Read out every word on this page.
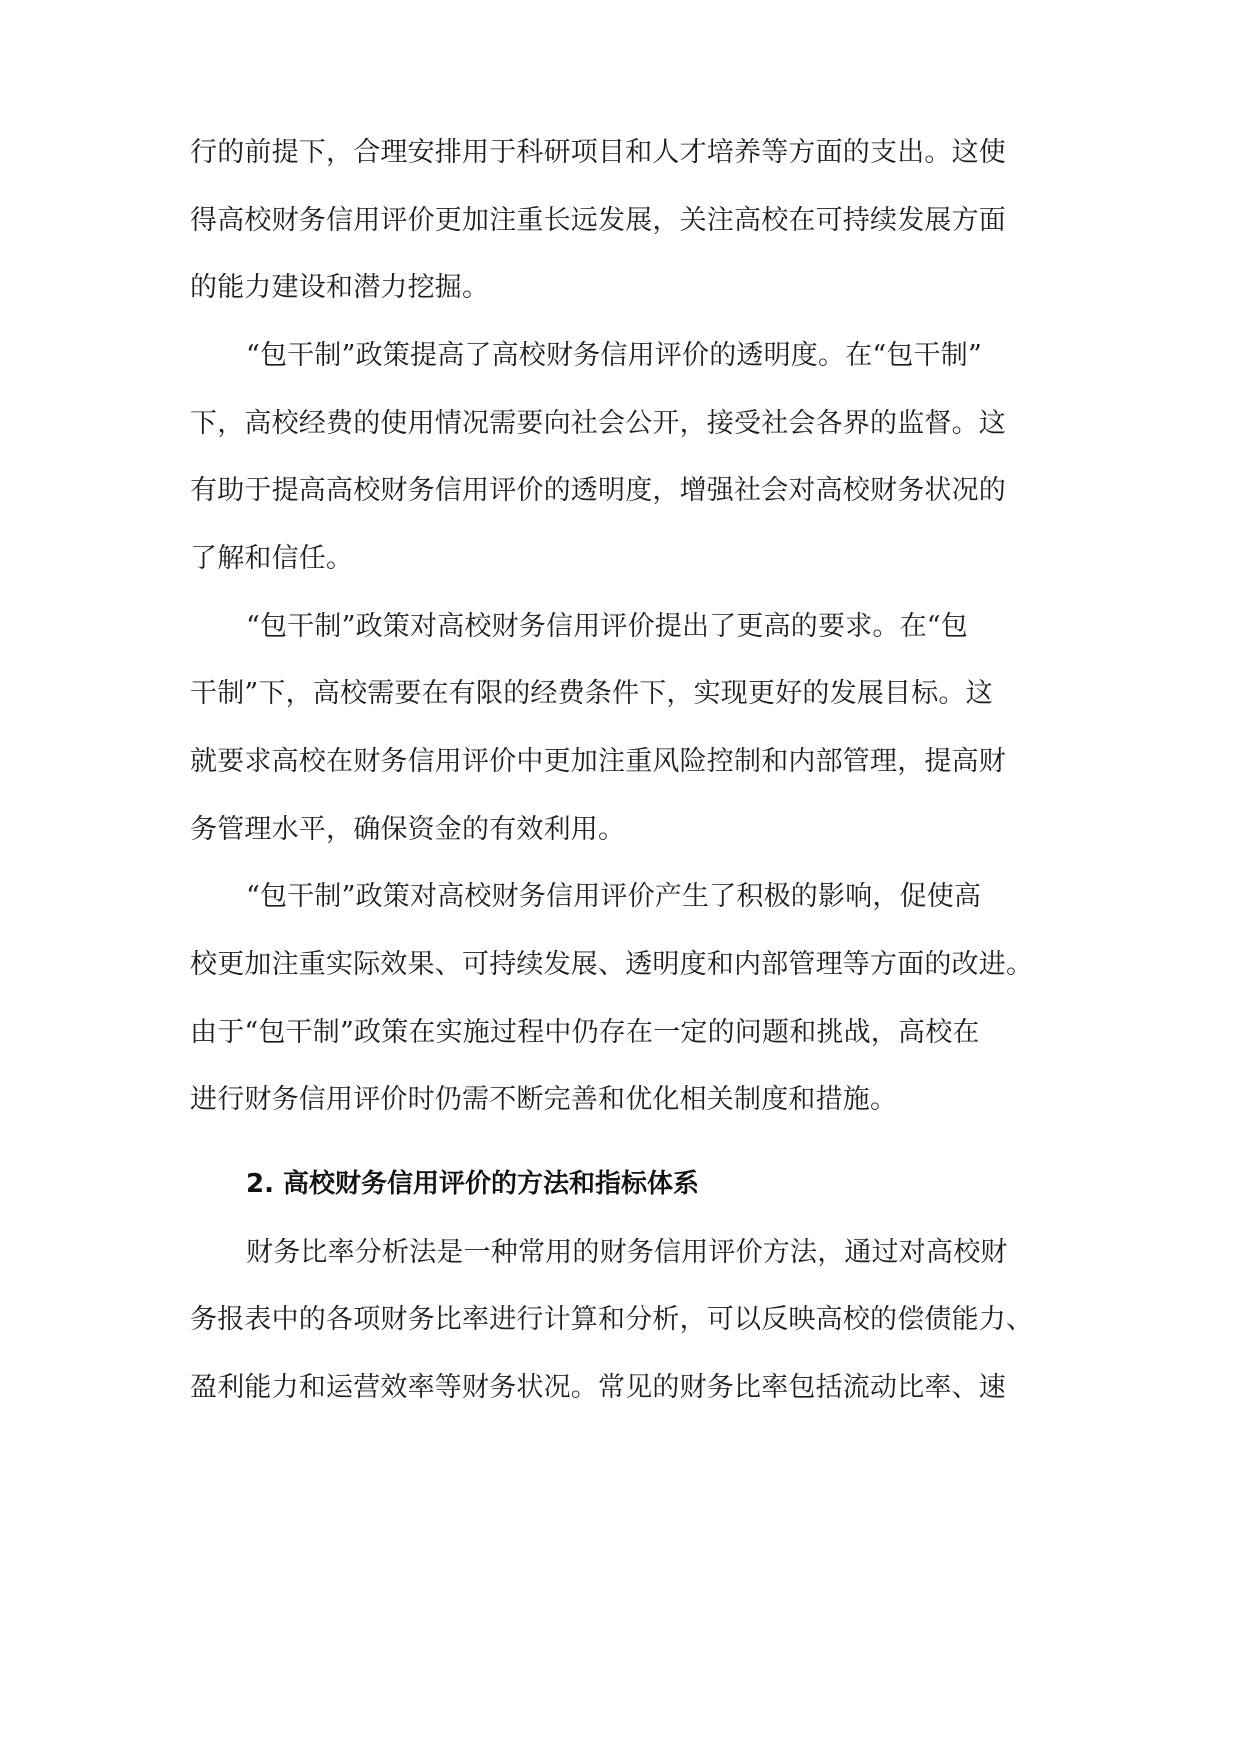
行的前提下，合理安排用于科研项目和人才培养等方面的支出。这使
得高校财务信用评价更加注重长远发展，关注高校在可持续发展方面
的能力建设和潜力挖掘。
“包干制”政策提高了高校财务信用评价的透明度。在“包干制”
下，高校经费的使用情况需要向社会公开，接受社会各界的监督。这
有助于提高高校财务信用评价的透明度，增强社会对高校财务状况的
了解和信任。
“包干制”政策对高校财务信用评价提出了更高的要求。在“包
干制”下，高校需要在有限的经费条件下，实现更好的发展目标。这
就要求高校在财务信用评价中更加注重风险控制和内部管理，提高财
务管理水平，确保资金的有效利用。
“包干制”政策对高校财务信用评价产生了积极的影响，促使高
校更加注重实际效果、可持续发展、透明度和内部管理等方面的改进。
由于“包干制”政策在实施过程中仍存在一定的问题和挑战，高校在
进行财务信用评价时仍需不断完善和优化相关制度和措施。
2. 高校财务信用评价的方法和指标体系
财务比率分析法是一种常用的财务信用评价方法，通过对高校财
务报表中的各项财务比率进行计算和分析，可以反映高校的偿债能力、
盈利能力和运营效率等财务状况。常见的财务比率包括流动比率、速
